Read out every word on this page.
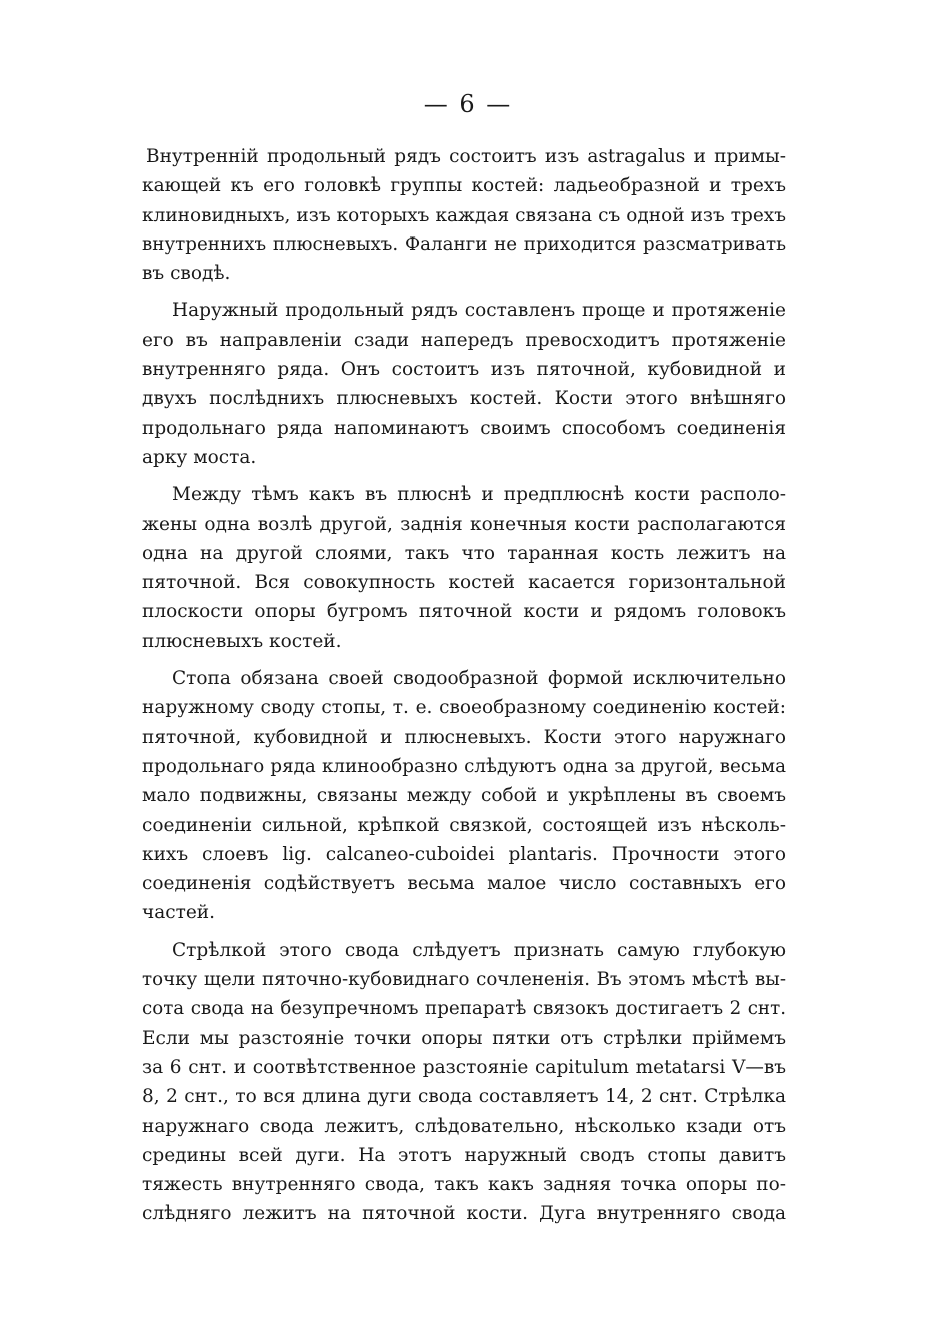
— 6 —
Внутренній продольный рядъ состоитъ изъ astragalus и примы-
кающей къ его головкѣ группы костей: ладьеобразной и трехъ
клиновидныхъ, изъ которыхъ каждая связана съ одной изъ трехъ
внутреннихъ плюсневыхъ. Фаланги не приходится разсматривать
въ сводѣ.
Наружный продольный рядъ составленъ проще и протяженіе
его въ направленіи сзади напередъ превосходитъ протяженіе
внутренняго ряда. Онъ состоитъ изъ пяточной, кубовидной и
двухъ послѣднихъ плюсневыхъ костей. Кости этого внѣшняго
продольнаго ряда напоминаютъ своимъ способомъ соединенія
арку моста.
Между тѣмъ какъ въ плюснѣ и предплюснѣ кости располо-
жены одна возлѣ другой, заднія конечныя кости располагаются
одна на другой слоями, такъ что таранная кость лежитъ на
пяточной. Вся совокупность костей касается горизонтальной
плоскости опоры бугромъ пяточной кости и рядомъ головокъ
плюсневыхъ костей.
Стопа обязана своей сводообразной формой исключительно
наружному своду стопы, т. е. своеобразному соединенію костей:
пяточной, кубовидной и плюсневыхъ. Кости этого наружнаго
продольнаго ряда клинообразно слѣдуютъ одна за другой, весьма
мало подвижны, связаны между собой и укрѣплены въ своемъ
соединеніи сильной, крѣпкой связкой, состоящей изъ нѣсколь-
кихъ слоевъ lig. calcaneo-cuboidei plantaris. Прочности этого
соединенія содѣйствуетъ весьма малое число составныхъ его
частей.
Стрѣлкой этого свода слѣдуетъ признать самую глубокую
точку щели пяточно-кубовиднаго сочлененія. Въ этомъ мѣстѣ вы-
сота свода на безупречномъ препаратѣ связокъ достигаетъ 2 снт.
Если мы разстояніе точки опоры пятки отъ стрѣлки пріймемъ
за 6 снт. и соотвѣтственное разстояніе capitulum metatarsi V—въ
8, 2 снт., то вся длина дуги свода составляетъ 14, 2 снт. Стрѣлка
наружнаго свода лежитъ, слѣдовательно, нѣсколько кзади отъ
средины всей дуги. На этотъ наружный сводъ стопы давитъ
тяжесть внутренняго свода, такъ какъ задняя точка опоры по-
слѣдняго лежитъ на пяточной кости. Дуга внутренняго свода
